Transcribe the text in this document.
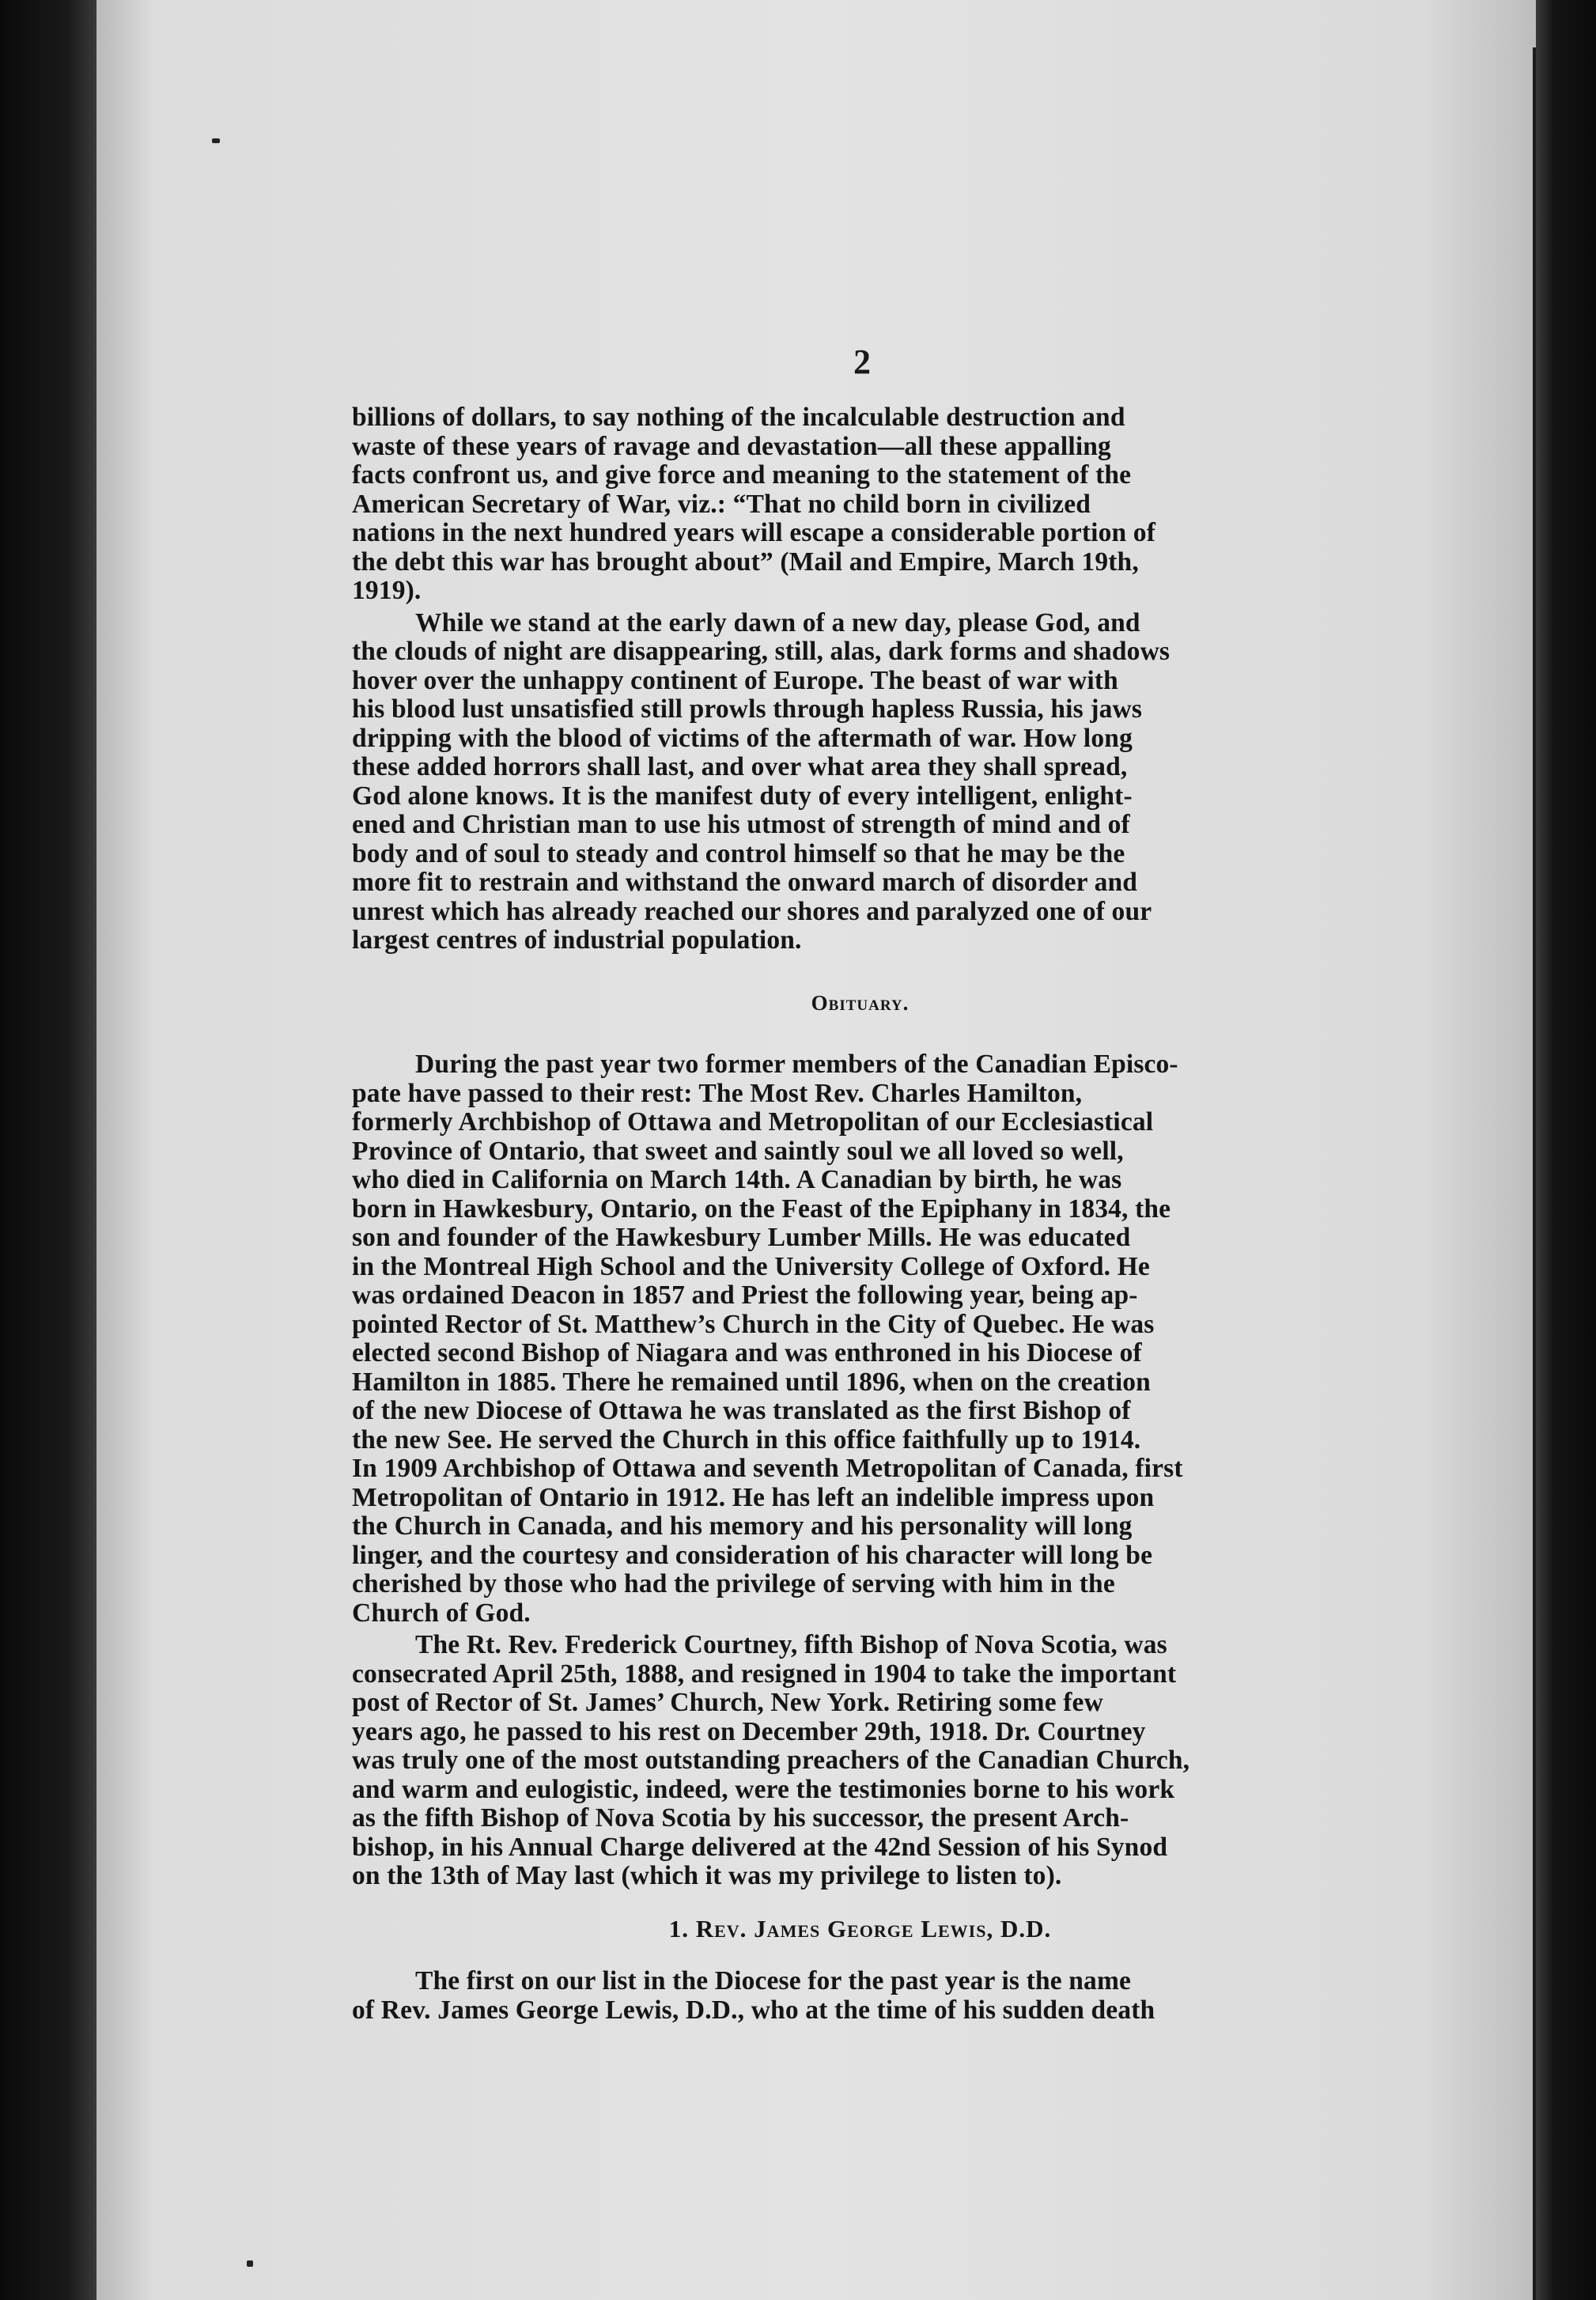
2

billions of dollars, to say nothing of the incalculable destruction and
waste of these years of ravage and devastation—all these appalling
facts confront us, and give force and meaning to the statement of the
American Secretary of War, viz.: “That no child born in civilized
nations in the next hundred years will escape a considerable portion of
the debt this war has brought about” (Mail and Empire, March 19th,
1919).

While we stand at the early dawn of a new day, please God, and
the clouds of night are disappearing, still, alas, dark forms and shadows
hover over the unhappy continent of Europe. The beast of war with
his blood lust unsatisfied still prowls through hapless Russia, his jaws
dripping with the blood of victims of the aftermath of war. How long
these added horrors shall last, and over what area they shall spread,
God alone knows. It is the manifest duty of every intelligent, enlight-
ened and Christian man to use his utmost of strength of mind and of
body and of soul to steady and control himself so that he may be the
more fit to restrain and withstand the onward march of disorder and
unrest which has already reached our shores and paralyzed one of our
largest centres of industrial population.

Obituary.

During the past year two former members of the Canadian Episco-
pate have passed to their rest: The Most Rev. Charles Hamilton,
formerly Archbishop of Ottawa and Metropolitan of our Ecclesiastical
Province of Ontario, that sweet and saintly soul we all loved so well,
who died in California on March 14th. A Canadian by birth, he was
born in Hawkesbury, Ontario, on the Feast of the Epiphany in 1834, the
son and founder of the Hawkesbury Lumber Mills. He was educated
in the Montreal High School and the University College of Oxford. He
was ordained Deacon in 1857 and Priest the following year, being ap-
pointed Rector of St. Matthew’s Church in the City of Quebec. He was
elected second Bishop of Niagara and was enthroned in his Diocese of
Hamilton in 1885. There he remained until 1896, when on the creation
of the new Diocese of Ottawa he was translated as the first Bishop of
the new See. He served the Church in this office faithfully up to 1914.
In 1909 Archbishop of Ottawa and seventh Metropolitan of Canada, first
Metropolitan of Ontario in 1912. He has left an indelible impress upon
the Church in Canada, and his memory and his personality will long
linger, and the courtesy and consideration of his character will long be
cherished by those who had the privilege of serving with him in the
Church of God.

The Rt. Rev. Frederick Courtney, fifth Bishop of Nova Scotia, was
consecrated April 25th, 1888, and resigned in 1904 to take the important
post of Rector of St. James’ Church, New York. Retiring some few
years ago, he passed to his rest on December 29th, 1918. Dr. Courtney
was truly one of the most outstanding preachers of the Canadian Church,
and warm and eulogistic, indeed, were the testimonies borne to his work
as the fifth Bishop of Nova Scotia by his successor, the present Arch-
bishop, in his Annual Charge delivered at the 42nd Session of his Synod
on the 13th of May last (which it was my privilege to listen to).

1. Rev. James George Lewis, D.D.

The first on our list in the Diocese for the past year is the name
of Rev. James George Lewis, D.D., who at the time of his sudden death
